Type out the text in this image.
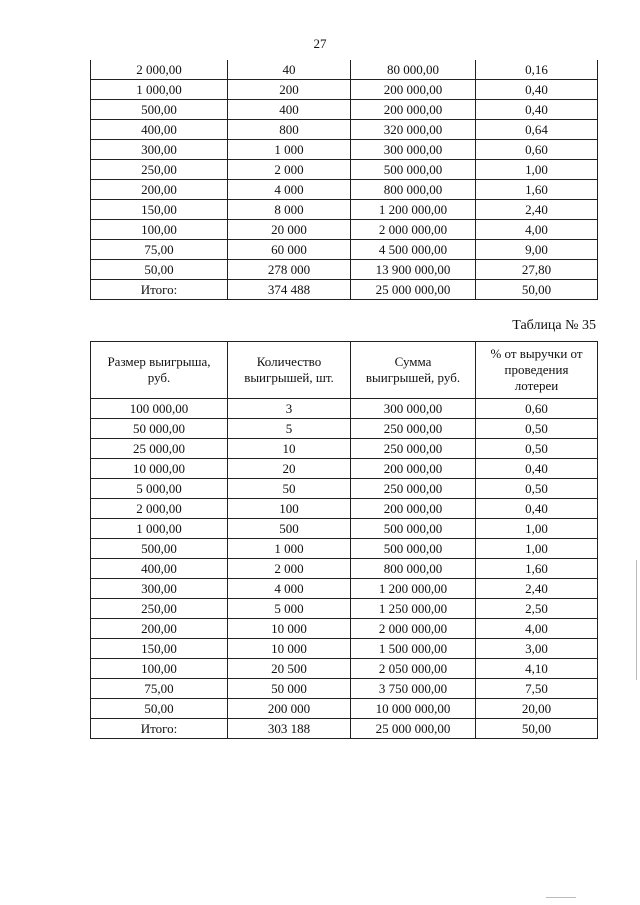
27
2 000,00	40	80 000,00	0,16
1 000,00	200	200 000,00	0,40
500,00	400	200 000,00	0,40
400,00	800	320 000,00	0,64
300,00	1 000	300 000,00	0,60
250,00	2 000	500 000,00	1,00
200,00	4 000	800 000,00	1,60
150,00	8 000	1 200 000,00	2,40
100,00	20 000	2 000 000,00	4,00
75,00	60 000	4 500 000,00	9,00
50,00	278 000	13 900 000,00	27,80
Итого:	374 488	25 000 000,00	50,00
Таблица № 35
Размер выигрыша, руб.	Количество выигрышей, шт.	Сумма выигрышей, руб.	% от выручки от проведения лотереи
100 000,00	3	300 000,00	0,60
50 000,00	5	250 000,00	0,50
25 000,00	10	250 000,00	0,50
10 000,00	20	200 000,00	0,40
5 000,00	50	250 000,00	0,50
2 000,00	100	200 000,00	0,40
1 000,00	500	500 000,00	1,00
500,00	1 000	500 000,00	1,00
400,00	2 000	800 000,00	1,60
300,00	4 000	1 200 000,00	2,40
250,00	5 000	1 250 000,00	2,50
200,00	10 000	2 000 000,00	4,00
150,00	10 000	1 500 000,00	3,00
100,00	20 500	2 050 000,00	4,10
75,00	50 000	3 750 000,00	7,50
50,00	200 000	10 000 000,00	20,00
Итого:	303 188	25 000 000,00	50,00
